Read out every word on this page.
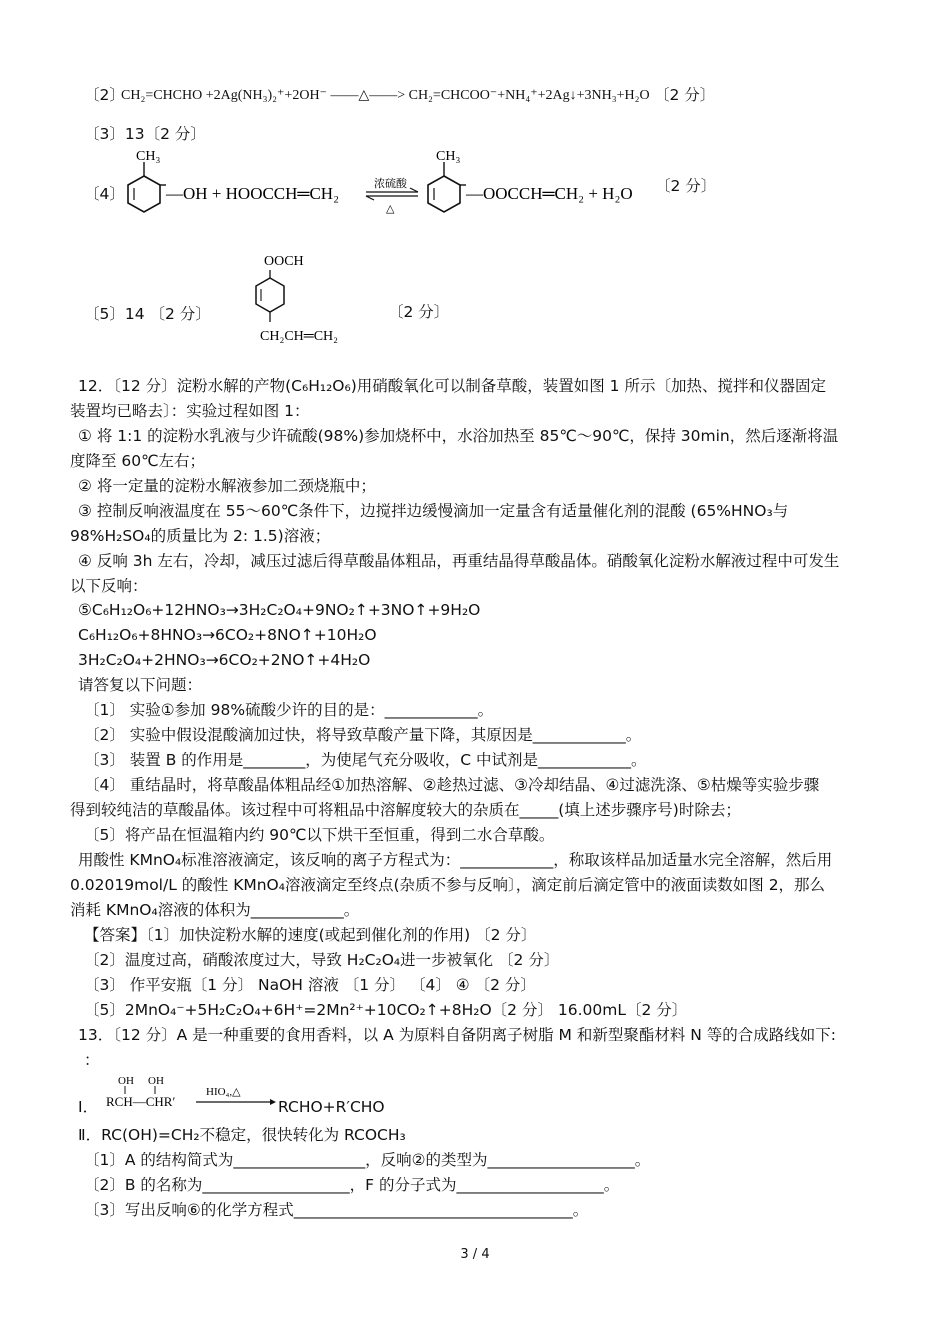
〔2〕
CH₂=CHCHO +2Ag(NH₃)₂⁺+2OH⁻ ——△——> CH₂=CHCOO⁻+NH₄⁺+2Ag↓+3NH₃+H₂O 〔2 分〕
〔3〕13〔2 分〕
〔4〕
CH₃
—OH + HOOCCH═CH₂	浓硫酸
△
CH₃
—OOCCH═CH₂ + H₂O 〔2 分〕
〔5〕14 〔2 分〕
OOCH
CH₂CH═CH₂
〔2 分〕
12．〔12 分〕淀粉水解的产物(C₆H₁₂O₆)用硝酸氧化可以制备草酸，装置如图 1 所示〔加热、搅拌和仪器固定
装置均已略去〕：实验过程如图 1：
① 将 1:1 的淀粉水乳液与少许硫酸(98%)参加烧杯中，水浴加热至 85℃～90℃，保持 30min，然后逐渐将温
度降至 60℃左右；
② 将一定量的淀粉水解液参加二颈烧瓶中；
③ 控制反响液温度在 55～60℃条件下，边搅拌边缓慢滴加一定量含有适量催化剂的混酸 (65%HNO₃与
98%H₂SO₄的质量比为 2: 1.5)溶液；
④ 反响 3h 左右，冷却，减压过滤后得草酸晶体粗品，再重结晶得草酸晶体。硝酸氧化淀粉水解液过程中可发生
以下反响：
⑤C₆H₁₂O₆+12HNO₃→3H₂C₂O₄+9NO₂↑+3NO↑+9H₂O
C₆H₁₂O₆+8HNO₃→6CO₂+8NO↑+10H₂O
3H₂C₂O₄+2HNO₃→6CO₂+2NO↑+4H₂O
请答复以下问题：
〔1〕 实验①参加 98%硫酸少许的目的是：____________。
〔2〕 实验中假设混酸滴加过快，将导致草酸产量下降，其原因是____________。
〔3〕 装置 B 的作用是________，为使尾气充分吸收，C 中试剂是____________。
〔4〕 重结晶时，将草酸晶体粗品经①加热溶解、②趁热过滤、③冷却结晶、④过滤洗涤、⑤枯燥等实验步骤
得到较纯洁的草酸晶体。该过程中可将粗品中溶解度较大的杂质在_____(填上述步骤序号)时除去；
〔5〕将产品在恒温箱内约 90℃以下烘干至恒重，得到二水合草酸。
用酸性 KMnO₄标准溶液滴定，该反响的离子方程式为：____________，称取该样品加适量水完全溶解，然后用
0.02019mol/L 的酸性 KMnO₄溶液滴定至终点(杂质不参与反响〕，滴定前后滴定管中的液面读数如图 2，那么
消耗 KMnO₄溶液的体积为____________。
【答案】〔1〕加快淀粉水解的速度(或起到催化剂的作用) 〔2 分〕
〔2〕温度过高，硝酸浓度过大，导致 H₂C₂O₄进一步被氧化 〔2 分〕
〔3〕 作平安瓶〔1 分〕 NaOH 溶液 〔1 分〕 〔4〕 ④ 〔2 分〕
〔5〕2MnO₄⁻+5H₂C₂O₄+6H⁺=2Mn²⁺+10CO₂↑+8H₂O〔2 分〕 16.00mL〔2 分〕
13．〔12 分〕A 是一种重要的食用香料，以 A 为原料自备阴离子树脂 M 和新型聚酯材料 N 等的合成路线如下:
：
Ⅰ．
OH OH
RCH—CHR′
HIO₄,△
RCHO+R′CHO
Ⅱ．RC(OH)=CH₂不稳定，很快转化为 RCOCH₃
〔1〕A 的结构简式为_________________，反响②的类型为___________________。
〔2〕B 的名称为___________________，F 的分子式为___________________。
〔3〕写出反响⑥的化学方程式____________________________________。
3 / 4
